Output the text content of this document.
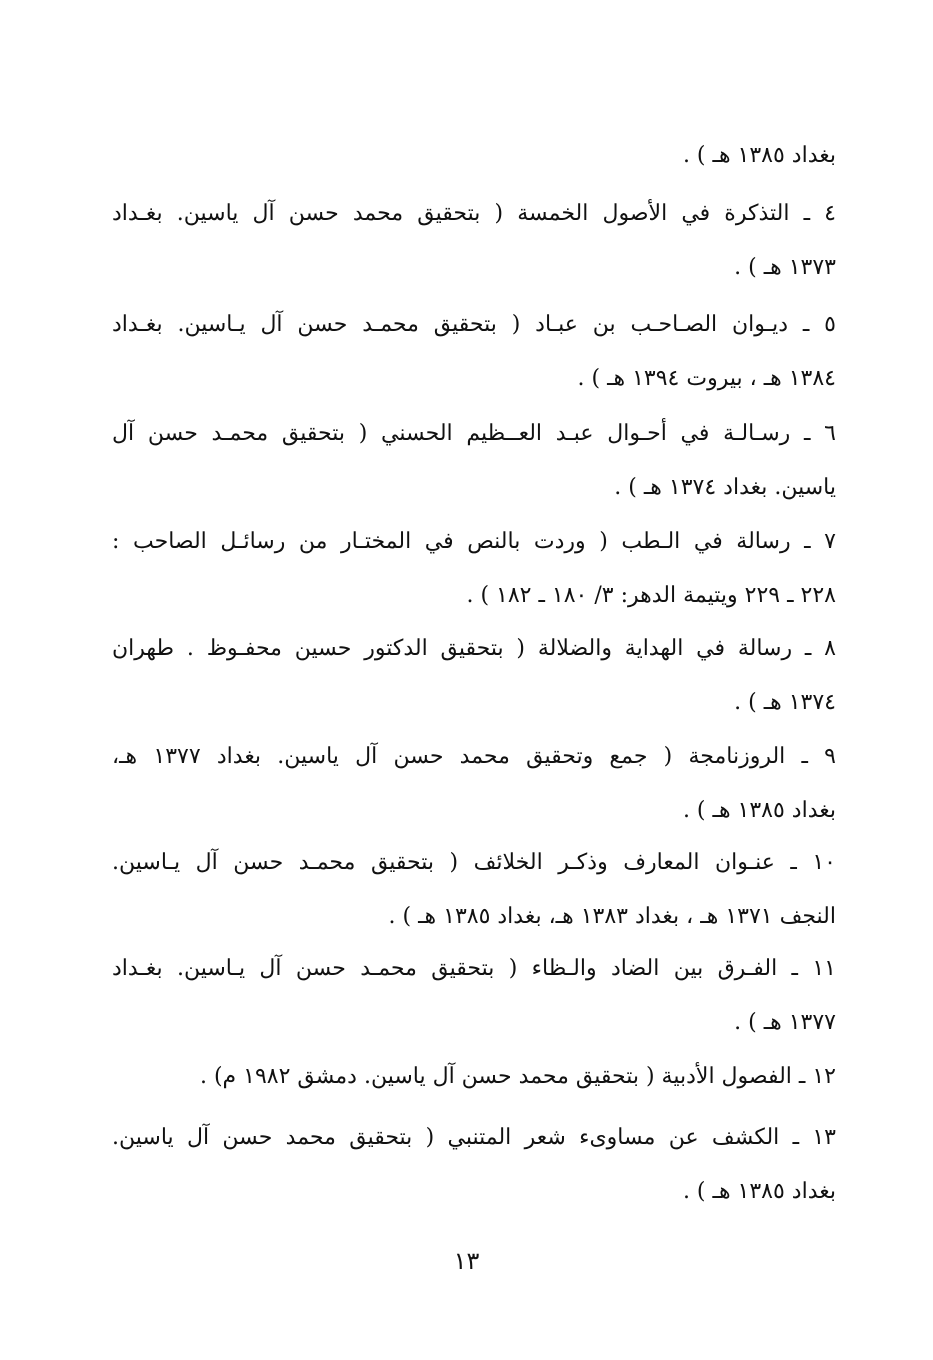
بغداد ١٣٨٥ هـ ) .
٤ ـ التذكرة في الأصول الخمسة ( بتحقيق محمد حسن آل ياسين. بغـداد
١٣٧٣ هـ ) .
٥ ـ ديـوان الصـاحـب بن عبـاد ( بتحقيق محمـد حسن آل يـاسين. بغـداد
١٣٨٤ هـ ، بيروت ١٣٩٤ هـ ) .
٦ ـ رسـالـة في أحـوال عبـد العــظيم الحسني ( بتحقيق محمـد حسن آل
ياسين. بغداد ١٣٧٤ هـ ) .
٧ ـ رسالة في الـطب ( وردت بالنص في المختـار من رسائـل الصاحب :
٢٢٨ ـ ٢٢٩ ويتيمة الدهر: ٣/ ١٨٠ ـ ١٨٢ ) .
٨ ـ رسالة في الهداية والضلالة ( بتحقيق الدكتور حسين محفـوظ . طهران
١٣٧٤ هـ ) .
٩ ـ الروزنامجة ( جمع وتحقيق محمد حسن آل ياسين. بغداد ١٣٧٧ هـ،
بغداد ١٣٨٥ هـ ) .
١٠ ـ عنـوان المعارف وذكـر الخلائف ( بتحقيق محمـد حسن آل يـاسين.
النجف ١٣٧١ هـ ، بغداد ١٣٨٣ هـ، بغداد ١٣٨٥ هـ ) .
١١ ـ الفـرق بين الضاد والـظاء ( بتحقيق محمـد حسن آل يـاسين. بغـداد
١٣٧٧ هـ ) .
١٢ ـ الفصول الأدبية ( بتحقيق محمد حسن آل ياسين. دمشق ١٩٨٢ م) .
١٣ ـ الكشف عن مساوىء شعر المتنبي ( بتحقيق محمد حسن آل ياسين.
بغداد ١٣٨٥ هـ ) .
١٣
